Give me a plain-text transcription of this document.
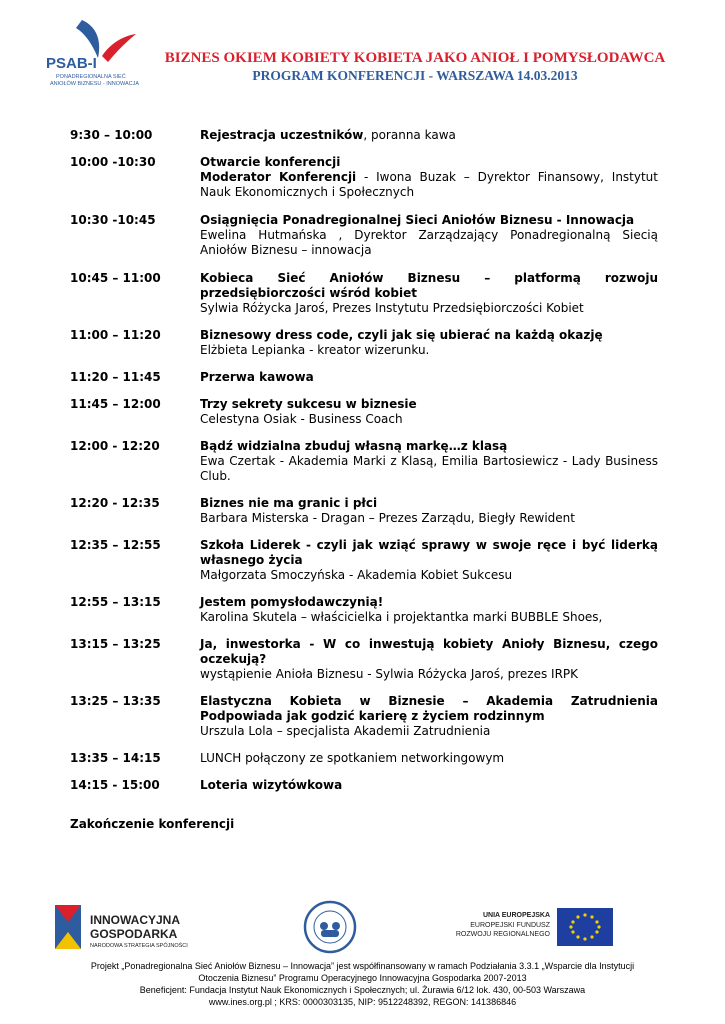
PSAB-I
PONADREGIONALNA SIEĆ
ANIOŁÓW BIZNESU - INNOWACJA
BIZNES OKIEM KOBIETY KOBIETA JAKO ANIOŁ I POMYSŁODAWCA
PROGRAM KONFERENCJI - WARSZAWA 14.03.2013
9:30 – 10:00	Rejestracja uczestników, poranna kawa
10:00 -10:30	Otwarcie konferencji
Moderator Konferencji - Iwona Buzak – Dyrektor Finansowy, Instytut Nauk Ekonomicznych i Społecznych
10:30 -10:45	Osiągnięcia Ponadregionalnej Sieci Aniołów Biznesu - Innowacja
Ewelina Hutmańska , Dyrektor Zarządzający Ponadregionalną Siecią Aniołów Biznesu – innowacja
10:45 – 11:00	Kobieca Sieć Aniołów Biznesu – platformą rozwoju przedsiębiorczości wśród kobiet
Sylwia Różycka Jaroś, Prezes Instytutu Przedsiębiorczości Kobiet
11:00 – 11:20	Biznesowy dress code, czyli jak się ubierać na każdą okazję
Elżbieta Lepianka - kreator wizerunku.
11:20 – 11:45	Przerwa kawowa
11:45 – 12:00	Trzy sekrety sukcesu w biznesie
Celestyna Osiak - Business Coach
12:00 - 12:20	Bądź widzialna zbuduj własną markę…z klasą
Ewa Czertak - Akademia Marki z Klasą, Emilia Bartosiewicz - Lady Business Club.
12:20 - 12:35	Biznes nie ma granic i płci
Barbara Misterska - Dragan – Prezes Zarządu, Biegły Rewident
12:35 – 12:55	Szkoła Liderek - czyli jak wziąć sprawy w swoje ręce i być liderką własnego życia
Małgorzata Smoczyńska - Akademia Kobiet Sukcesu
12:55 – 13:15	Jestem pomysłodawczynią!
Karolina Skutela – właścicielka i projektantka marki BUBBLE Shoes,
13:15 – 13:25	Ja, inwestorka - W co inwestują kobiety Anioły Biznesu, czego oczekują?
wystąpienie Anioła Biznesu - Sylwia Różycka Jaroś, prezes IRPK
13:25 – 13:35	Elastyczna Kobieta w Biznesie – Akademia Zatrudnienia Podpowiada jak godzić karierę z życiem rodzinnym
Urszula Lola – specjalista Akademii Zatrudnienia
13:35 – 14:15	LUNCH połączony ze spotkaniem networkingowym
14:15 - 15:00	Loteria wizytówkowa
Zakończenie konferencji
INNOWACYJNA
GOSPODARKA
NARODOWA STRATEGIA SPÓJNOŚCI
UNIA EUROPEJSKA
EUROPEJSKI FUNDUSZ
ROZWOJU REGIONALNEGO
Projekt „Ponadregionalna Sieć Aniołów Biznesu – Innowacja” jest współfinansowany w ramach Podziałania 3.3.1 „Wsparcie dla Instytucji
Otoczenia Biznesu” Programu Operacyjnego Innowacyjna Gospodarka 2007-2013
Beneficjent: Fundacja Instytut Nauk Ekonomicznych i Społecznych; ul. Żurawia 6/12 lok. 430, 00-503 Warszawa
www.ines.org.pl ; KRS: 0000303135, NIP: 9512248392, REGON: 141386846
